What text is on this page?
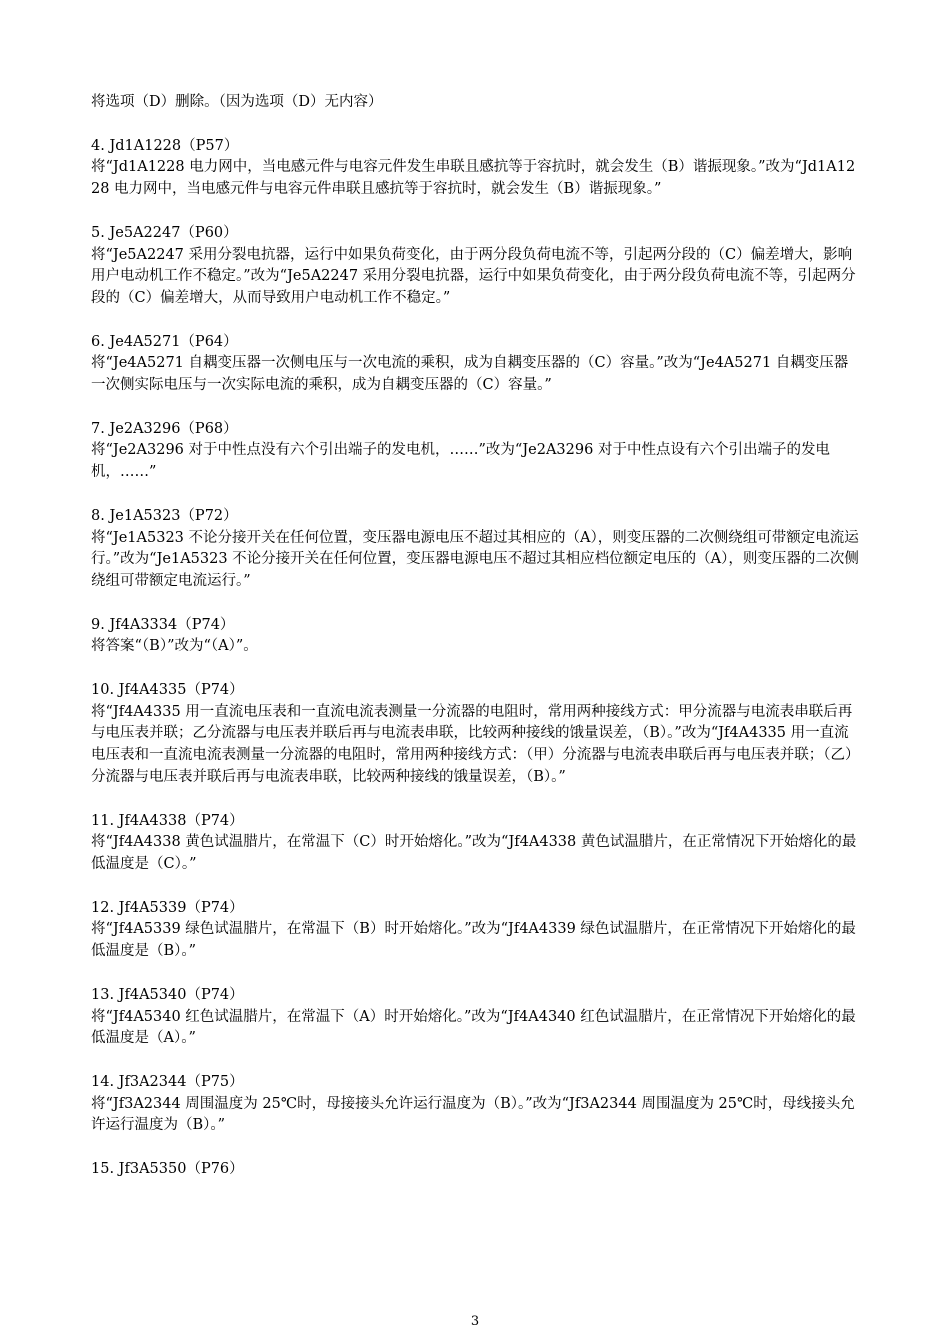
将选项（D）删除。（因为选项（D）无内容）

4. Jd1A1228（P57）

将“Jd1A1228 电力网中，当电感元件与电容元件发生串联且感抗等于容抗时，就会发生（B）谐振现象。”改为“Jd1A1228 电力网中，当电感元件与电容元件串联且感抗等于容抗时，就会发生（B）谐振现象。”

5. Je5A2247（P60）

将“Je5A2247 采用分裂电抗器，运行中如果负荷变化，由于两分段负荷电流不等，引起两分段的（C）偏差增大，影响用户电动机工作不稳定。”改为“Je5A2247 采用分裂电抗器，运行中如果负荷变化，由于两分段负荷电流不等，引起两分段的（C）偏差增大，从而导致用户电动机工作不稳定。”

6. Je4A5271（P64）

将“Je4A5271 自耦变压器一次侧电压与一次电流的乘积，成为自耦变压器的（C）容量。”改为“Je4A5271 自耦变压器一次侧实际电压与一次实际电流的乘积，成为自耦变压器的（C）容量。”

7. Je2A3296（P68）

将“Je2A3296 对于中性点没有六个引出端子的发电机，……”改为“Je2A3296 对于中性点设有六个引出端子的发电机，……”

8. Je1A5323（P72）

将“Je1A5323 不论分接开关在任何位置，变压器电源电压不超过其相应的（A），则变压器的二次侧绕组可带额定电流运行。”改为“Je1A5323 不论分接开关在任何位置，变压器电源电压不超过其相应档位额定电压的（A），则变压器的二次侧绕组可带额定电流运行。”

9. Jf4A3334（P74）

将答案“（B）”改为“（A）”。

10. Jf4A4335（P74）

将“Jf4A4335 用一直流电压表和一直流电流表测量一分流器的电阻时，常用两种接线方式：甲分流器与电流表串联后再与电压表并联；乙分流器与电压表并联后再与电流表串联，比较两种接线的饿量误差，（B）。”改为“Jf4A4335 用一直流电压表和一直流电流表测量一分流器的电阻时，常用两种接线方式：（甲）分流器与电流表串联后再与电压表并联；（乙）分流器与电压表并联后再与电流表串联，比较两种接线的饿量误差，（B）。”

11. Jf4A4338（P74）

将“Jf4A4338 黄色试温腊片，在常温下（C）时开始熔化。”改为“Jf4A4338 黄色试温腊片，在正常情况下开始熔化的最低温度是（C）。”

12. Jf4A5339（P74）

将“Jf4A5339 绿色试温腊片，在常温下（B）时开始熔化。”改为“Jf4A4339 绿色试温腊片，在正常情况下开始熔化的最低温度是（B）。”

13. Jf4A5340（P74）

将“Jf4A5340 红色试温腊片，在常温下（A）时开始熔化。”改为“Jf4A4340 红色试温腊片，在正常情况下开始熔化的最低温度是（A）。”

14. Jf3A2344（P75）

将“Jf3A2344 周围温度为 25℃时，母接接头允许运行温度为（B）。”改为“Jf3A2344 周围温度为 25℃时，母线接头允许运行温度为（B）。”

15. Jf3A5350（P76）

3
